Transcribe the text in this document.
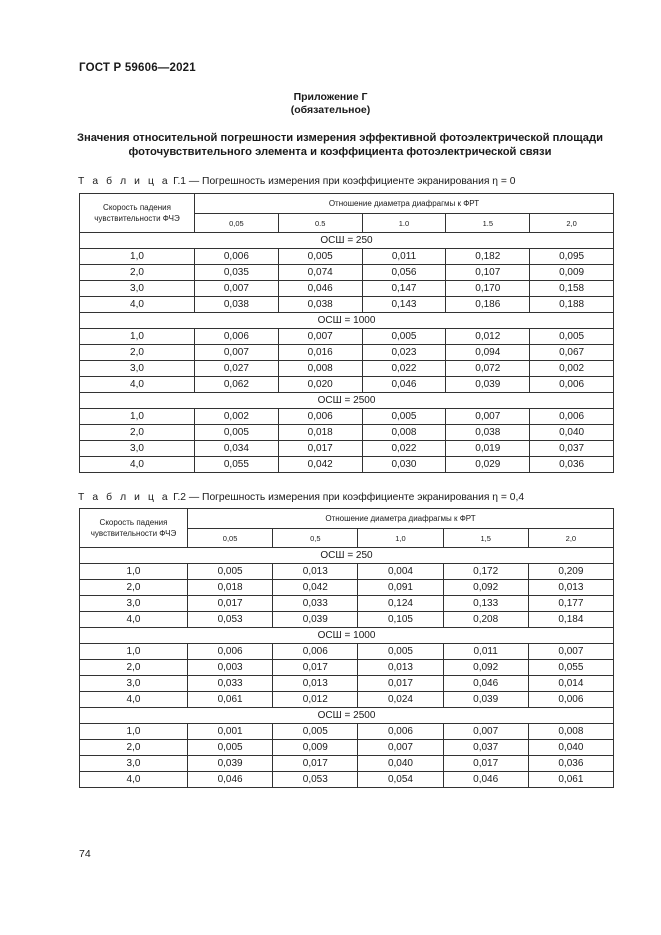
ГОСТ Р 59606—2021
Приложение Г
(обязательное)
Значения относительной погрешности измерения эффективной фотоэлектрической площади фоточувствительного элемента и коэффициента фотоэлектрической связи
Т а б л и ц а Г.1 — Погрешность измерения при коэффициенте экранирования η = 0
Скорость падения чувствительности ФЧЭ	Отношение диаметра диафрагмы к ФРТ				
	0,05	0.5	1.0	1.5	2,0
ОСШ = 250					
1,0	0,006	0,005	0,011	0,182	0,095
2,0	0,035	0,074	0,056	0,107	0,009
3,0	0,007	0,046	0,147	0,170	0,158
4,0	0,038	0,038	0,143	0,186	0,188
ОСШ = 1000					
1,0	0,006	0,007	0,005	0,012	0,005
2,0	0,007	0,016	0,023	0,094	0,067
3,0	0,027	0,008	0,022	0,072	0,002
4,0	0,062	0,020	0,046	0,039	0,006
ОСШ = 2500					
1,0	0,002	0,006	0,005	0,007	0,006
2,0	0,005	0,018	0,008	0,038	0,040
3,0	0,034	0,017	0,022	0,019	0,037
4,0	0,055	0,042	0,030	0,029	0,036
Т а б л и ц а Г.2 — Погрешность измерения при коэффициенте экранирования η = 0,4
Скорость падения чувствительности ФЧЭ	Отношение диаметра диафрагмы к ФРТ				
	0,05	0,5	1,0	1,5	2,0
ОСШ = 250					
1,0	0,005	0,013	0,004	0,172	0,209
2,0	0,018	0,042	0,091	0,092	0,013
3,0	0,017	0,033	0,124	0,133	0,177
4,0	0,053	0,039	0,105	0,208	0,184
ОСШ = 1000					
1,0	0,006	0,006	0,005	0,011	0,007
2,0	0,003	0,017	0,013	0,092	0,055
3,0	0,033	0,013	0,017	0,046	0,014
4,0	0,061	0,012	0,024	0,039	0,006
ОСШ = 2500					
1,0	0,001	0,005	0,006	0,007	0,008
2,0	0,005	0,009	0,007	0,037	0,040
3,0	0,039	0,017	0,040	0,017	0,036
4,0	0,046	0,053	0,054	0,046	0,061
74
